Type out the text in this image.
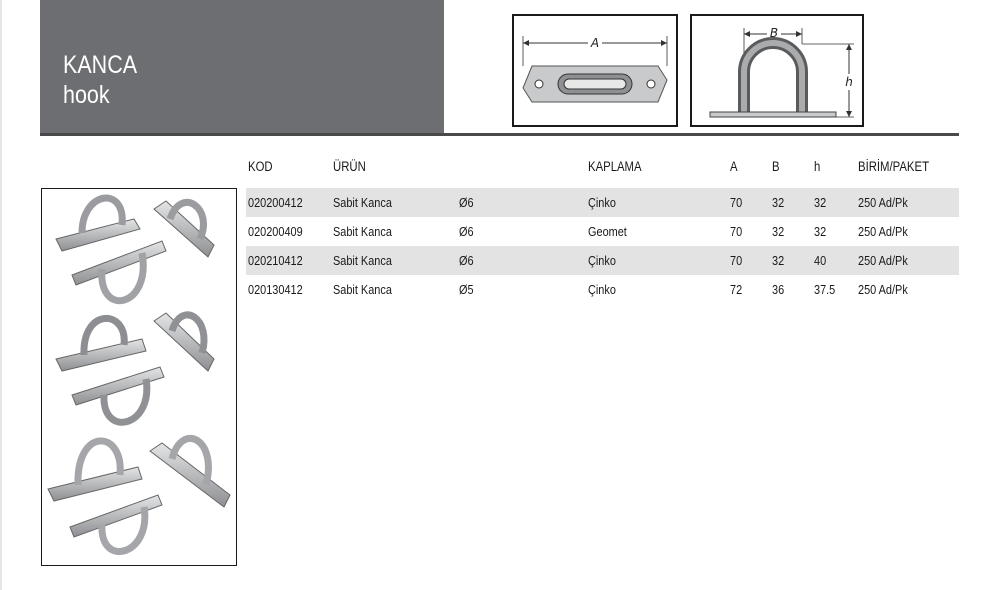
KANCA
hook
A
B
h
KOD	ÜRÜN	KAPLAMA	A	B	h	BİRİM/PAKET
020200412 Sabit Kanca	Ø6	Çinko	70 32 32 250 Ad/Pk
020200409 Sabit Kanca	Ø6	Geomet	70 32 32 250 Ad/Pk
020210412 Sabit Kanca	Ø6	Çinko	70 32 40 250 Ad/Pk
020130412 Sabit Kanca	Ø5	Çinko	72 36 37.5 250 Ad/Pk
